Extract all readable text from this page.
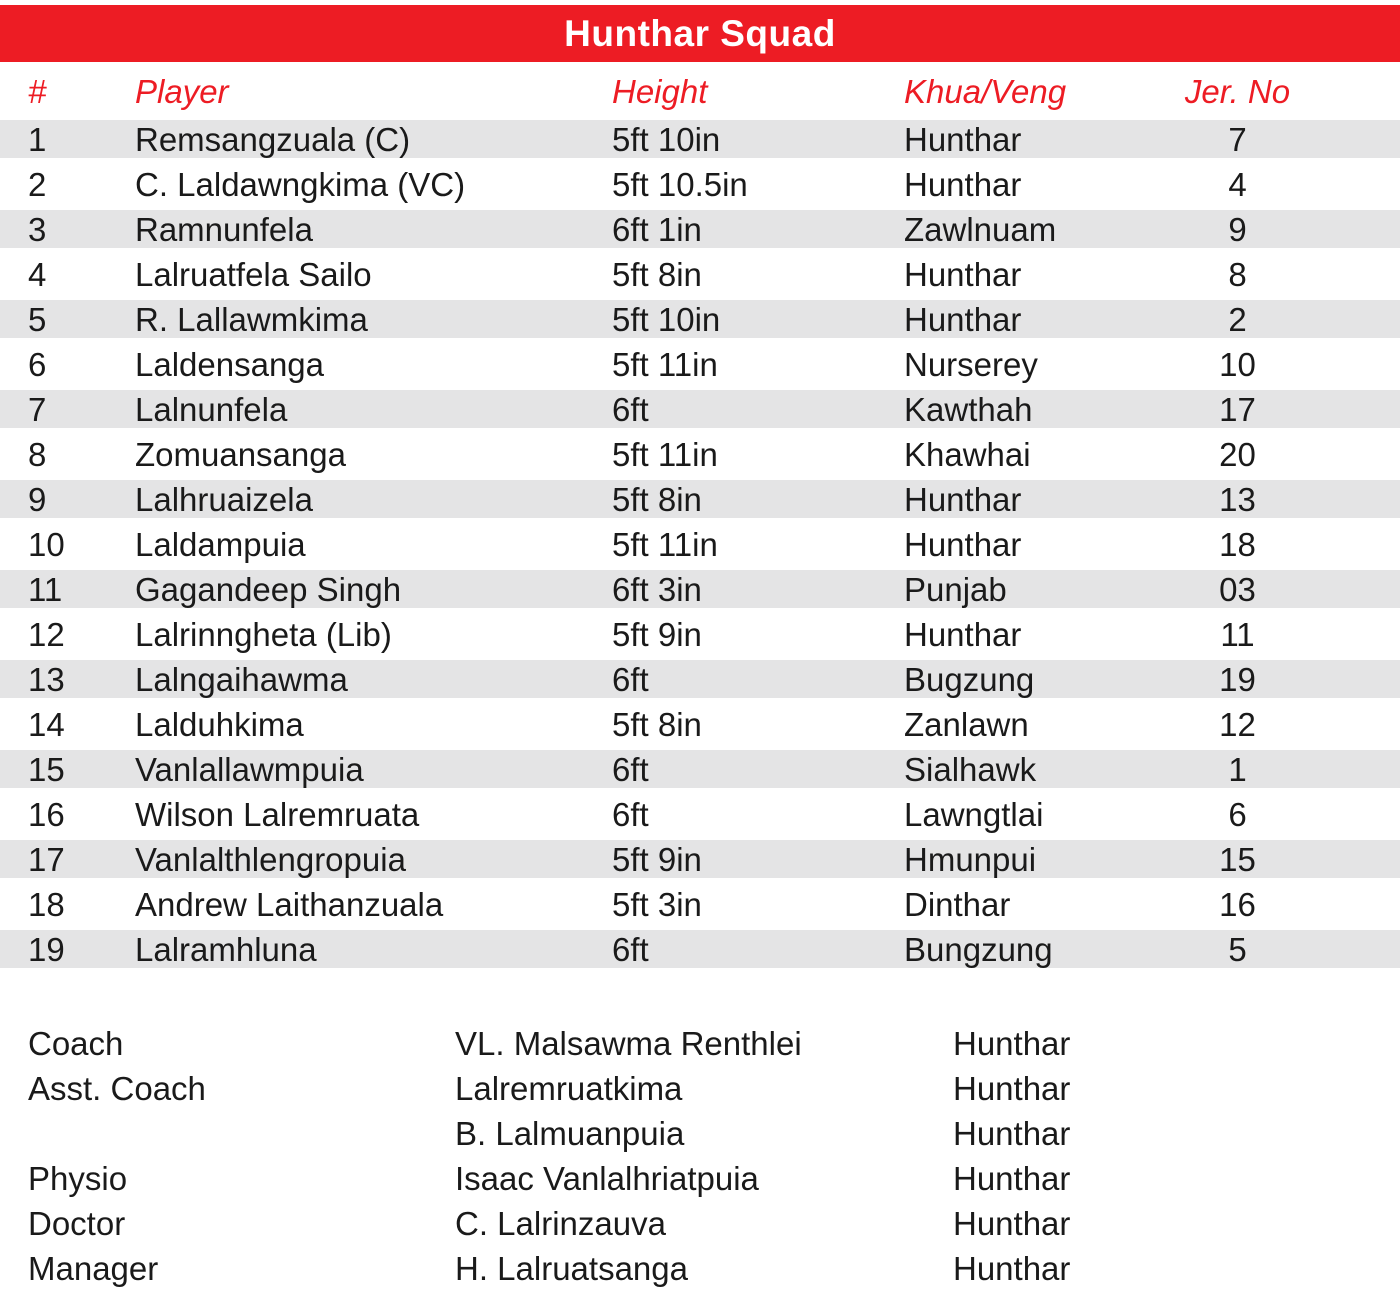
Hunthar Squad
#	Player	Height	Khua/Veng	Jer. No	
1	Remsangzuala (C)	5ft 10in	Hunthar	7	
2	C. Laldawngkima (VC)	5ft 10.5in	Hunthar	4	
3	Ramnunfela	6ft 1in	Zawlnuam	9	
4	Lalruatfela Sailo	5ft 8in	Hunthar	8	
5	R. Lallawmkima	5ft 10in	Hunthar	2	
6	Laldensanga	5ft 11in	Nurserey	10	
7	Lalnunfela	6ft	Kawthah	17	
8	Zomuansanga	5ft 11in	Khawhai	20	
9	Lalhruaizela	5ft 8in	Hunthar	13	
10	Laldampuia	5ft 11in	Hunthar	18	
11	Gagandeep Singh	6ft 3in	Punjab	03	
12	Lalrinngheta (Lib)	5ft 9in	Hunthar	11	
13	Lalngaihawma	6ft	Bugzung	19	
14	Lalduhkima	5ft 8in	Zanlawn	12	
15	Vanlallawmpuia	6ft	Sialhawk	1	
16	Wilson Lalremruata	6ft	Lawngtlai	6	
17	Vanlalthlengropuia	5ft 9in	Hmunpui	15	
18	Andrew Laithanzuala	5ft 3in	Dinthar	16	
19	Lalramhluna	6ft	Bungzung	5	
Coach	VL. Malsawma Renthlei	Hunthar
Asst. Coach	Lalremruatkima	Hunthar
	B. Lalmuanpuia	Hunthar
Physio	Isaac Vanlalhriatpuia	Hunthar
Doctor	C. Lalrinzauva	Hunthar
Manager	H. Lalruatsanga	Hunthar
